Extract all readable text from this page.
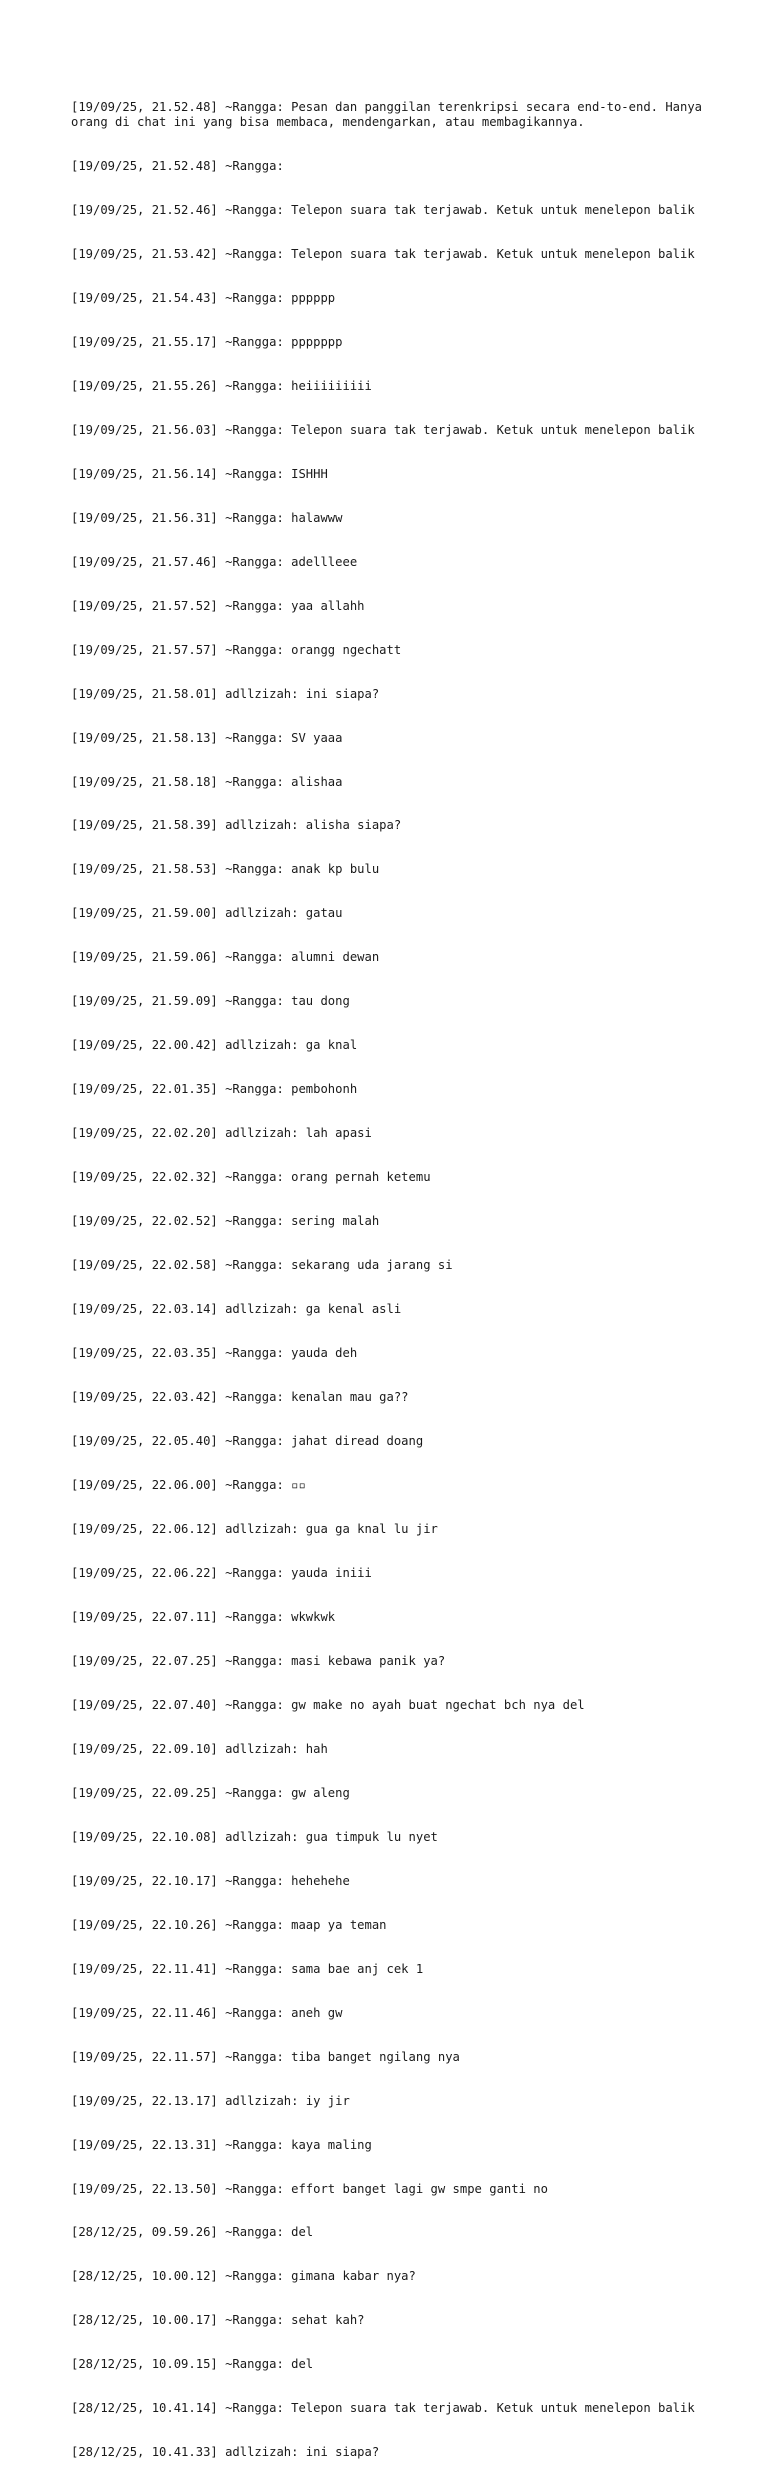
[19/09/25, 21.52.48] ~Rangga: Pesan dan panggilan terenkripsi secara end-to-end. Hanya orang di chat ini yang bisa membaca, mendengarkan, atau membagikannya.

[19/09/25, 21.52.48] ~Rangga:

[19/09/25, 21.52.46] ~Rangga: Telepon suara tak terjawab. Ketuk untuk menelepon balik

[19/09/25, 21.53.42] ~Rangga: Telepon suara tak terjawab. Ketuk untuk menelepon balik

[19/09/25, 21.54.43] ~Rangga: pppppp

[19/09/25, 21.55.17] ~Rangga: ppppppp

[19/09/25, 21.55.26] ~Rangga: heiiiiiiiii

[19/09/25, 21.56.03] ~Rangga: Telepon suara tak terjawab. Ketuk untuk menelepon balik

[19/09/25, 21.56.14] ~Rangga: ISHHH

[19/09/25, 21.56.31] ~Rangga: halawww

[19/09/25, 21.57.46] ~Rangga: adellleee

[19/09/25, 21.57.52] ~Rangga: yaa allahh

[19/09/25, 21.57.57] ~Rangga: orangg ngechatt

[19/09/25, 21.58.01] adllzizah: ini siapa?

[19/09/25, 21.58.13] ~Rangga: SV yaaa

[19/09/25, 21.58.18] ~Rangga: alishaa

[19/09/25, 21.58.39] adllzizah: alisha siapa?

[19/09/25, 21.58.53] ~Rangga: anak kp bulu

[19/09/25, 21.59.00] adllzizah: gatau

[19/09/25, 21.59.06] ~Rangga: alumni dewan

[19/09/25, 21.59.09] ~Rangga: tau dong

[19/09/25, 22.00.42] adllzizah: ga knal

[19/09/25, 22.01.35] ~Rangga: pembohonh

[19/09/25, 22.02.20] adllzizah: lah apasi

[19/09/25, 22.02.32] ~Rangga: orang pernah ketemu

[19/09/25, 22.02.52] ~Rangga: sering malah

[19/09/25, 22.02.58] ~Rangga: sekarang uda jarang si

[19/09/25, 22.03.14] adllzizah: ga kenal asli

[19/09/25, 22.03.35] ~Rangga: yauda deh

[19/09/25, 22.03.42] ~Rangga: kenalan mau ga??

[19/09/25, 22.05.40] ~Rangga: jahat diread doang

[19/09/25, 22.06.00] ~Rangga: ▫▫

[19/09/25, 22.06.12] adllzizah: gua ga knal lu jir

[19/09/25, 22.06.22] ~Rangga: yauda iniii

[19/09/25, 22.07.11] ~Rangga: wkwkwk

[19/09/25, 22.07.25] ~Rangga: masi kebawa panik ya?

[19/09/25, 22.07.40] ~Rangga: gw make no ayah buat ngechat bch nya del

[19/09/25, 22.09.10] adllzizah: hah

[19/09/25, 22.09.25] ~Rangga: gw aleng

[19/09/25, 22.10.08] adllzizah: gua timpuk lu nyet

[19/09/25, 22.10.17] ~Rangga: hehehehe

[19/09/25, 22.10.26] ~Rangga: maap ya teman

[19/09/25, 22.11.41] ~Rangga: sama bae anj cek 1

[19/09/25, 22.11.46] ~Rangga: aneh gw

[19/09/25, 22.11.57] ~Rangga: tiba banget ngilang nya

[19/09/25, 22.13.17] adllzizah: iy jir

[19/09/25, 22.13.31] ~Rangga: kaya maling

[19/09/25, 22.13.50] ~Rangga: effort banget lagi gw smpe ganti no

[28/12/25, 09.59.26] ~Rangga: del

[28/12/25, 10.00.12] ~Rangga: gimana kabar nya?

[28/12/25, 10.00.17] ~Rangga: sehat kah?

[28/12/25, 10.09.15] ~Rangga: del

[28/12/25, 10.41.14] ~Rangga: Telepon suara tak terjawab. Ketuk untuk menelepon balik

[28/12/25, 10.41.33] adllzizah: ini siapa?
